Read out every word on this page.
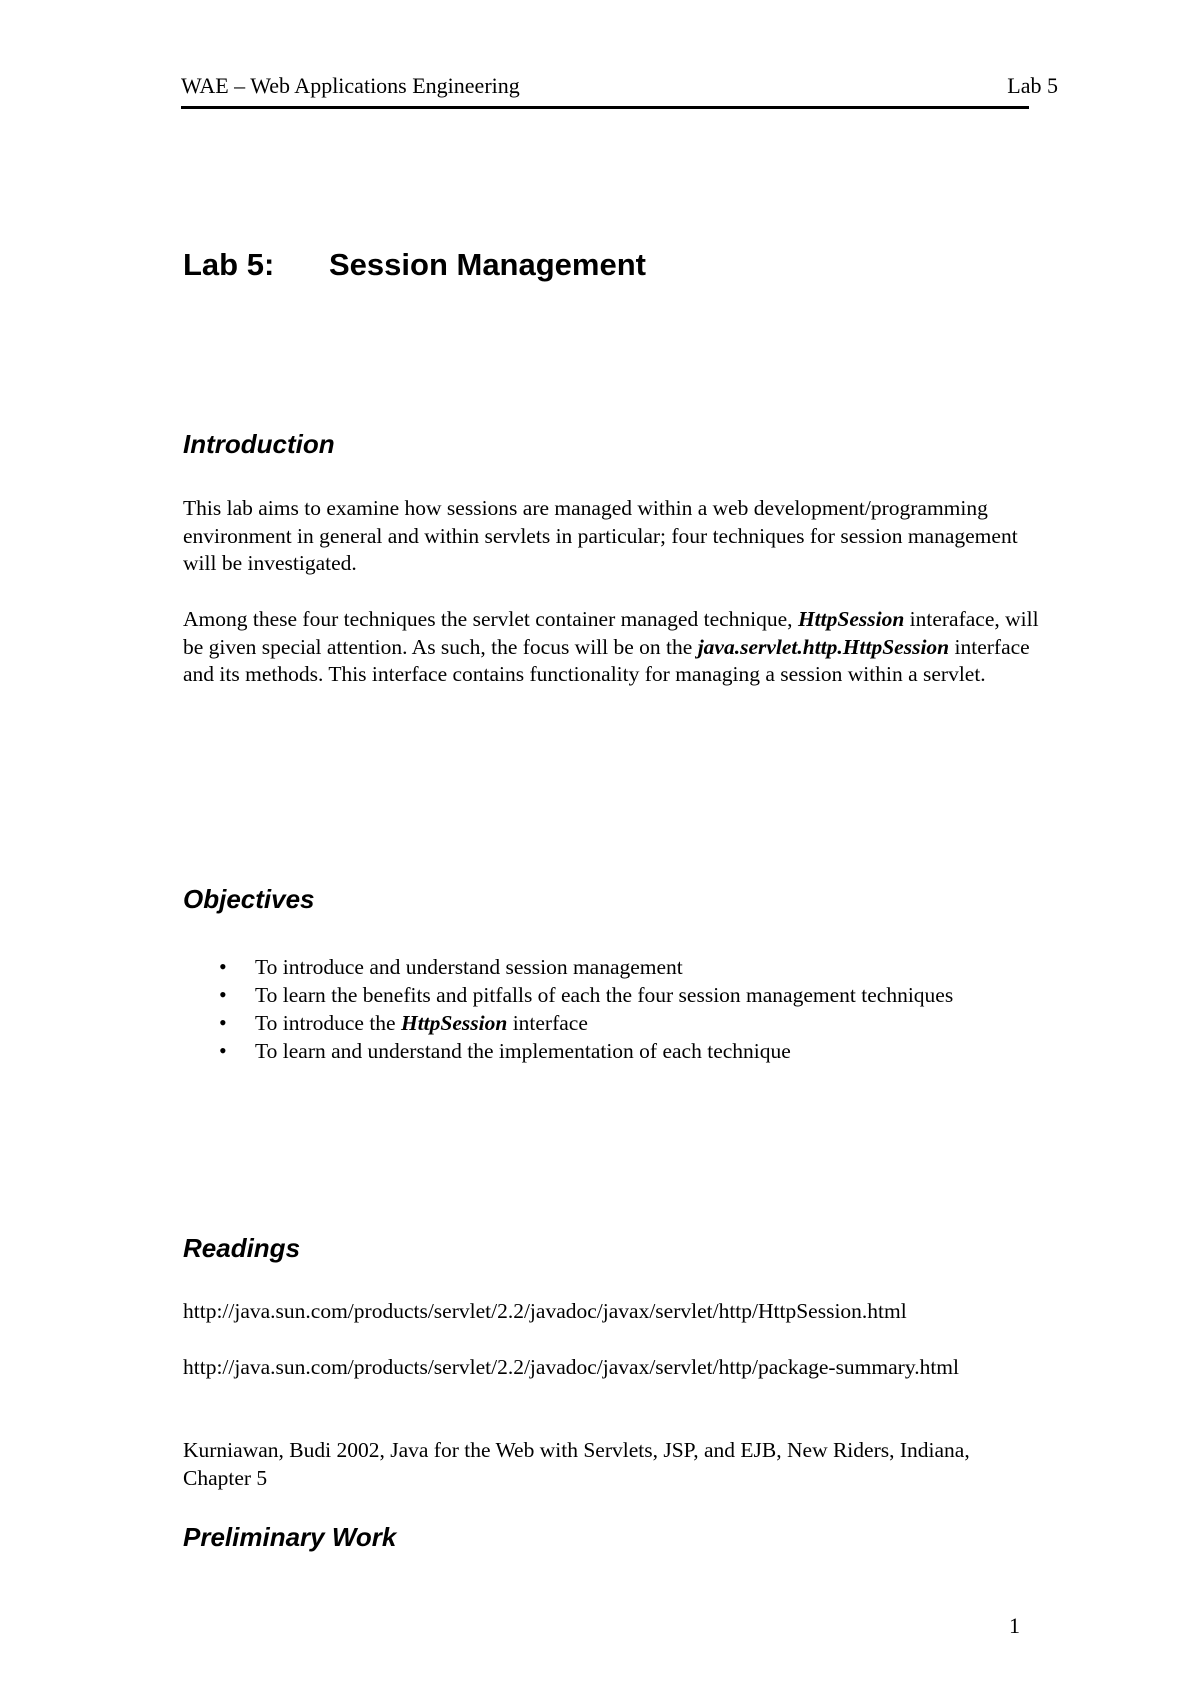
WAE – Web Applications Engineering	Lab 5
Lab 5: Session Management
Introduction

This lab aims to examine how sessions are managed within a web development/programming environment in general and within servlets in particular; four techniques for session management will be investigated.

Among these four techniques the servlet container managed technique, HttpSession interaface, will be given special attention. As such, the focus will be on the java.servlet.http.HttpSession interface and its methods. This interface contains functionality for managing a session within a servlet.

Objectives
• To introduce and understand session management
• To learn the benefits and pitfalls of each the four session management techniques
• To introduce the HttpSession interface
• To learn and understand the implementation of each technique
Readings

http://java.sun.com/products/servlet/2.2/javadoc/javax/servlet/http/HttpSession.html

http://java.sun.com/products/servlet/2.2/javadoc/javax/servlet/http/package-summary.html

Kurniawan, Budi 2002, Java for the Web with Servlets, JSP, and EJB, New Riders, Indiana, Chapter 5

Preliminary Work
1
